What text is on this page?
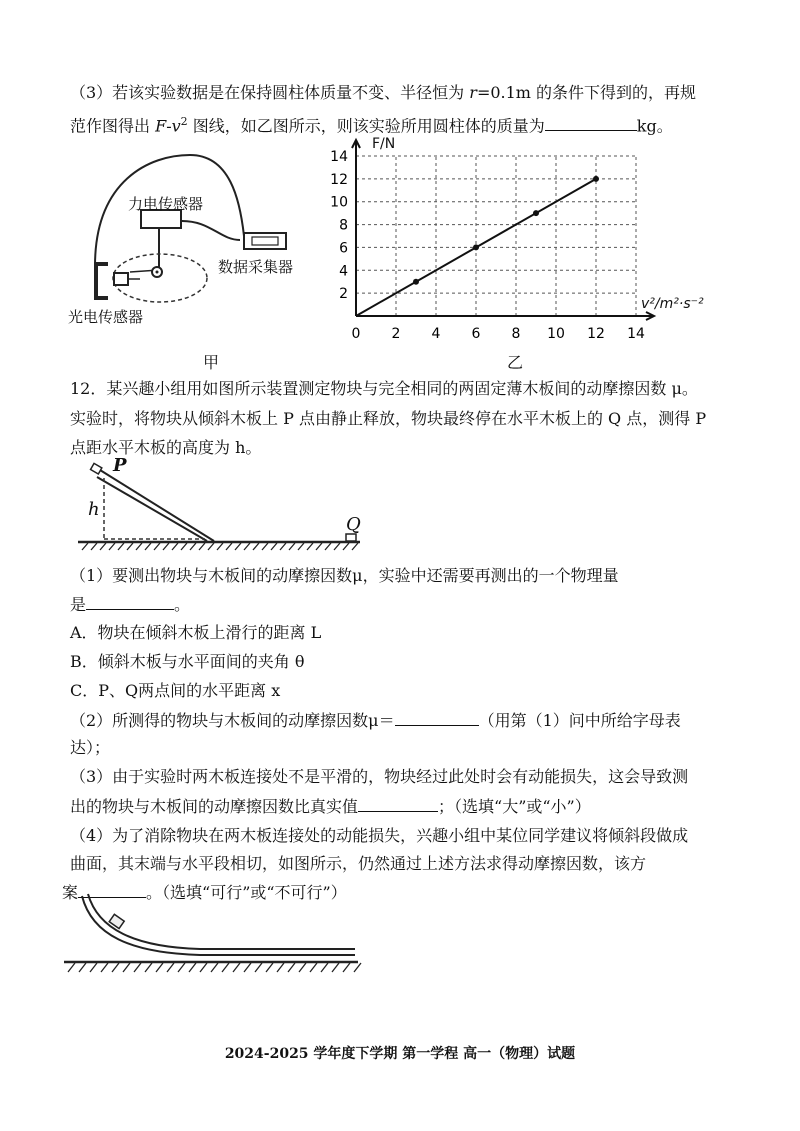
（3）若该实验数据是在保持圆柱体质量不变、半径恒为 r=0.1m 的条件下得到的，再规
范作图得出 $F-v^2$ 图线，如乙图所示，则该实验所用圆柱体的质量为	kg。
力电传感器
数据采集器
光电传感器
甲
0 2 4 6 8 10 12 14
2
4
6
8
10
12
14
F/N
v²/m²·s⁻²
乙
12．某兴趣小组用如图所示装置测定物块与完全相同的两固定薄木板间的动摩擦因数 μ。
实验时，将物块从倾斜木板上 P 点由静止释放，物块最终停在水平木板上的 Q 点，测得 P
点距水平木板的高度为 h。
P
h
Q
（1）要测出物块与木板间的动摩擦因数μ，实验中还需要再测出的一个物理量
是	。
A．物块在倾斜木板上滑行的距离 L
B．倾斜木板与水平面间的夹角 θ
C．P、Q两点间的水平距离 x
（2）所测得的物块与木板间的动摩擦因数μ＝	（用第（1）问中所给字母表
达）；
（3）由于实验时两木板连接处不是平滑的，物块经过此处时会有动能损失，这会导致测
出的物块与木板间的动摩擦因数比真实值	；（选填“大”或“小”）
（4）为了消除物块在两木板连接处的动能损失，兴趣小组中某位同学建议将倾斜段做成
曲面，其末端与水平段相切，如图所示，仍然通过上述方法求得动摩擦因数，该方
案	。（选填“可行”或“不可行”）
2024-2025 学年度下学期 第一学程 高一（物理）试题
